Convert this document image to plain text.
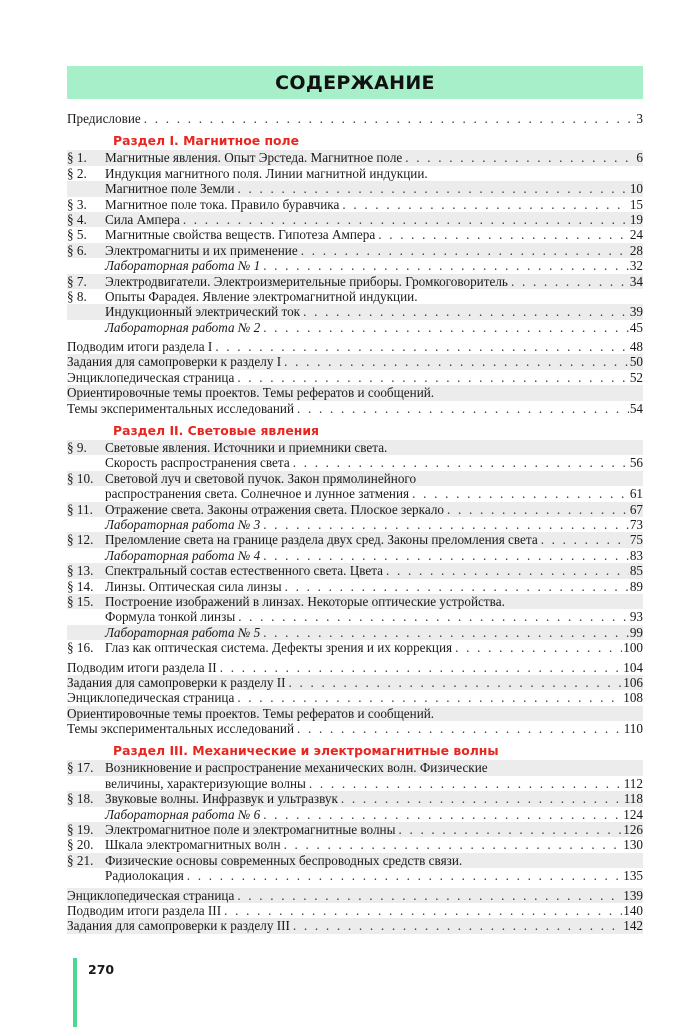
СОДЕРЖАНИЕ
Предисловие . . .	3
Раздел I. Магнитное поле
§ 1.	Магнитные явления. Опыт Эрстеда. Магнитное поле . . .	6
§ 2.	Индукция магнитного поля. Линии магнитной индукции.
Магнитное поле Земли . . .	10
§ 3.	Магнитное поле тока. Правило буравчика . . .	15
§ 4.	Сила Ампера . . .	19
§ 5.	Магнитные свойства веществ. Гипотеза Ампера . . .	24
§ 6.	Электромагниты и их применение . . .	28
Лабораторная работа № 1 . . .	32
§ 7.	Электродвигатели. Электроизмерительные приборы. Громкоговоритель . . .	34
§ 8.	Опыты Фарадея. Явление электромагнитной индукции.
Индукционный электрический ток . . .	39
Лабораторная работа № 2 . . .	45
Подводим итоги раздела I . . .	48
Задания для самопроверки к разделу I . . .	50
Энциклопедическая страница . . .	52
Ориентировочные темы проектов. Темы рефератов и сообщений.
Темы экспериментальных исследований . . .	54
Раздел II. Световые явления
§ 9.	Световые явления. Источники и приемники света.
Скорость распространения света . . .	56
§ 10. Световой луч и световой пучок. Закон прямолинейного
распространения света. Солнечное и лунное затмения . . .	61
§ 11. Отражение света. Законы отражения света. Плоское зеркало . . .	67
Лабораторная работа № 3 . . .	73
§ 12. Преломление света на границе раздела двух сред. Законы преломления света . . .	75
Лабораторная работа № 4 . . .	83
§ 13. Спектральный состав естественного света. Цвета . . .	85
§ 14. Линзы. Оптическая сила линзы . . .	89
§ 15. Построение изображений в линзах. Некоторые оптические устройства.
Формула тонкой линзы . . .	93
Лабораторная работа № 5 . . .	99
§ 16. Глаз как оптическая система. Дефекты зрения и их коррекция . . .	100
Подводим итоги раздела II . . .	104
Задания для самопроверки к разделу II . . .	106
Энциклопедическая страница . . .	108
Ориентировочные темы проектов. Темы рефератов и сообщений.
Темы экспериментальных исследований . . .	110
Раздел III. Механические и электромагнитные волны
§ 17. Возникновение и распространение механических волн. Физические
величины, характеризующие волны . . .	112
§ 18. Звуковые волны. Инфразвук и ультразвук . . .	118
Лабораторная работа № 6 . . .	124
§ 19. Электромагнитное поле и электромагнитные волны . . .	126
§ 20. Шкала электромагнитных волн . . .	130
§ 21. Физические основы современных беспроводных средств связи.
Радиолокация . . .	135
Энциклопедическая страница . . .	139
Подводим итоги раздела III . . .	140
Задания для самопроверки к разделу III . . .	142
270
